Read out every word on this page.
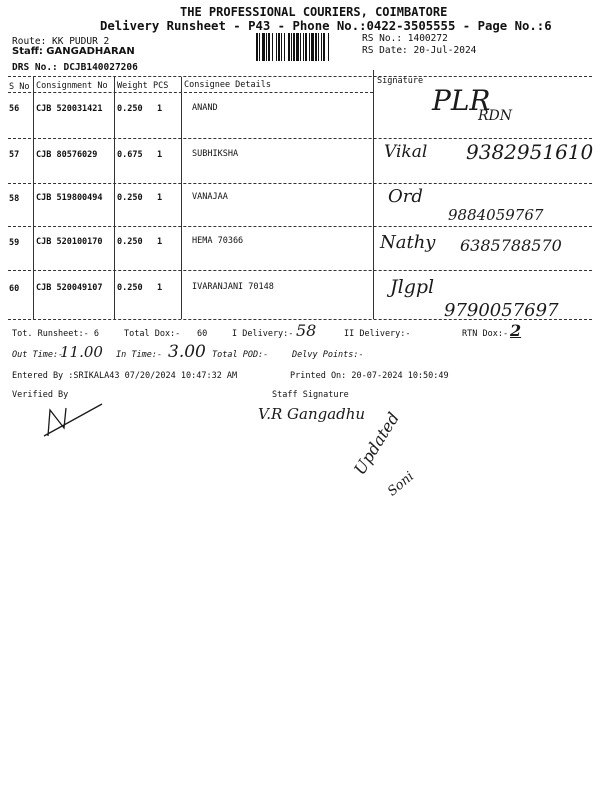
THE PROFESSIONAL COURIERS, COIMBATORE
Delivery Runsheet - P43 - Phone No.:0422-3505555 - Page No.:6
Route: KK PUDUR 2
Staff: GANGADHARAN
DRS No.: DCJB140027206
RS No.: 1400272
RS Date: 20-Jul-2024
S No Consignment No Weight PCS Consignee Details	Signature
56 CJB 520031421 0.250 1	ANAND	PLR
RDN
57 CJB 80576029 0.675 1	SUBHIKSHA	Vikal 9382951610
58 CJB 519800494 0.250 1	VANAJAA	Ord
9884059767
59 CJB 520100170 0.250 1	HEMA 70366	Nathy 6385788570
60 CJB 520049107 0.250 1	IVARANJANI 70148	Jlgpl
9790057697
Tot. Runsheet:- 6	Total Dox:- 60	I Delivery:- 58	II Delivery:-	RTN Dox:- 2
Out Time:-
11.00 In Time:- 3.00 Total POD:-	Delvy Points:-
Entered By :SRIKALA43 07/20/2024 10:47:32 AM	Printed On: 20-07-2024 10:50:49
Verified By	Staff Signature
V.R Gangadhu
Updated
Soni
